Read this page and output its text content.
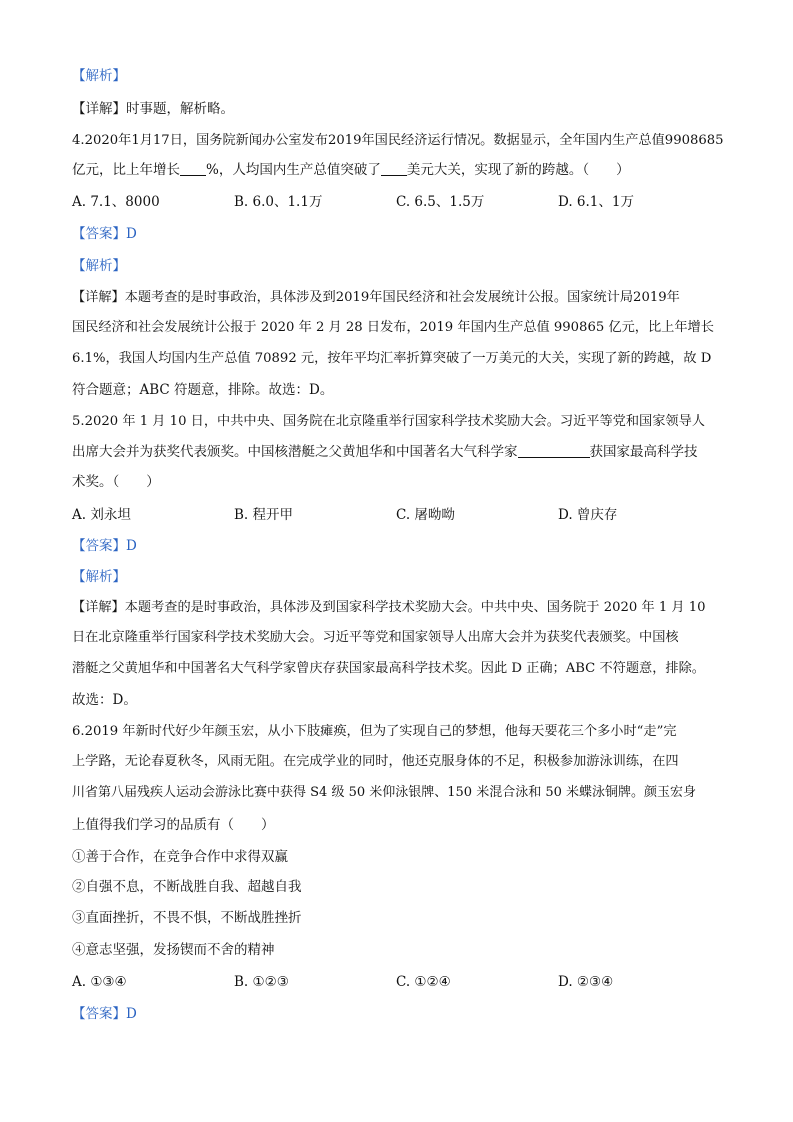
【解析】
【详解】时事题，解析略。
4.2020年1月17日，国务院新闻办公室发布2019年国民经济运行情况。数据显示，全年国内生产总值9908685
亿元，比上年增长 %，人均国内生产总值突破了 美元大关，实现了新的跨越。（　　）
A. 7.1、8000	B. 6.0、1.1万	C. 6.5、1.5万	D. 6.1、1万
【答案】D
【解析】
【详解】本题考查的是时事政治，具体涉及到2019年国民经济和社会发展统计公报。国家统计局2019年
国民经济和社会发展统计公报于 2020 年 2 月 28 日发布，2019 年国内生产总值 990865 亿元，比上年增长
6.1%，我国人均国内生产总值 70892 元，按年平均汇率折算突破了一万美元的大关，实现了新的跨越，故 D
符合题意；ABC 符题意，排除。故选：D。
5.2020 年 1 月 10 日，中共中央、国务院在北京隆重举行国家科学技术奖励大会。习近平等党和国家领导人
出席大会并为获奖代表颁奖。中国核潜艇之父黄旭华和中国著名大气科学家	获国家最高科学技
术奖。（　　）
A. 刘永坦	B. 程开甲	C. 屠呦呦	D. 曾庆存
【答案】D
【解析】
【详解】本题考查的是时事政治，具体涉及到国家科学技术奖励大会。中共中央、国务院于 2020 年 1 月 10
日在北京隆重举行国家科学技术奖励大会。习近平等党和国家领导人出席大会并为获奖代表颁奖。中国核
潜艇之父黄旭华和中国著名大气科学家曾庆存获国家最高科学技术奖。因此 D 正确；ABC 不符题意，排除。
故选：D。
6.2019 年新时代好少年颜玉宏，从小下肢瘫痪，但为了实现自己的梦想，他每天要花三个多小时“走”完
上学路，无论春夏秋冬，风雨无阻。在完成学业的同时，他还克服身体的不足，积极参加游泳训练，在四
川省第八届残疾人运动会游泳比赛中获得 S4 级 50 米仰泳银牌、150 米混合泳和 50 米蝶泳铜牌。颜玉宏身
上值得我们学习的品质有（　　）
①善于合作，在竞争合作中求得双赢
②自强不息，不断战胜自我、超越自我
③直面挫折，不畏不惧，不断战胜挫折
④意志坚强，发扬锲而不舍的精神
A. ①③④	B. ①②③	C. ①②④	D. ②③④
【答案】D
